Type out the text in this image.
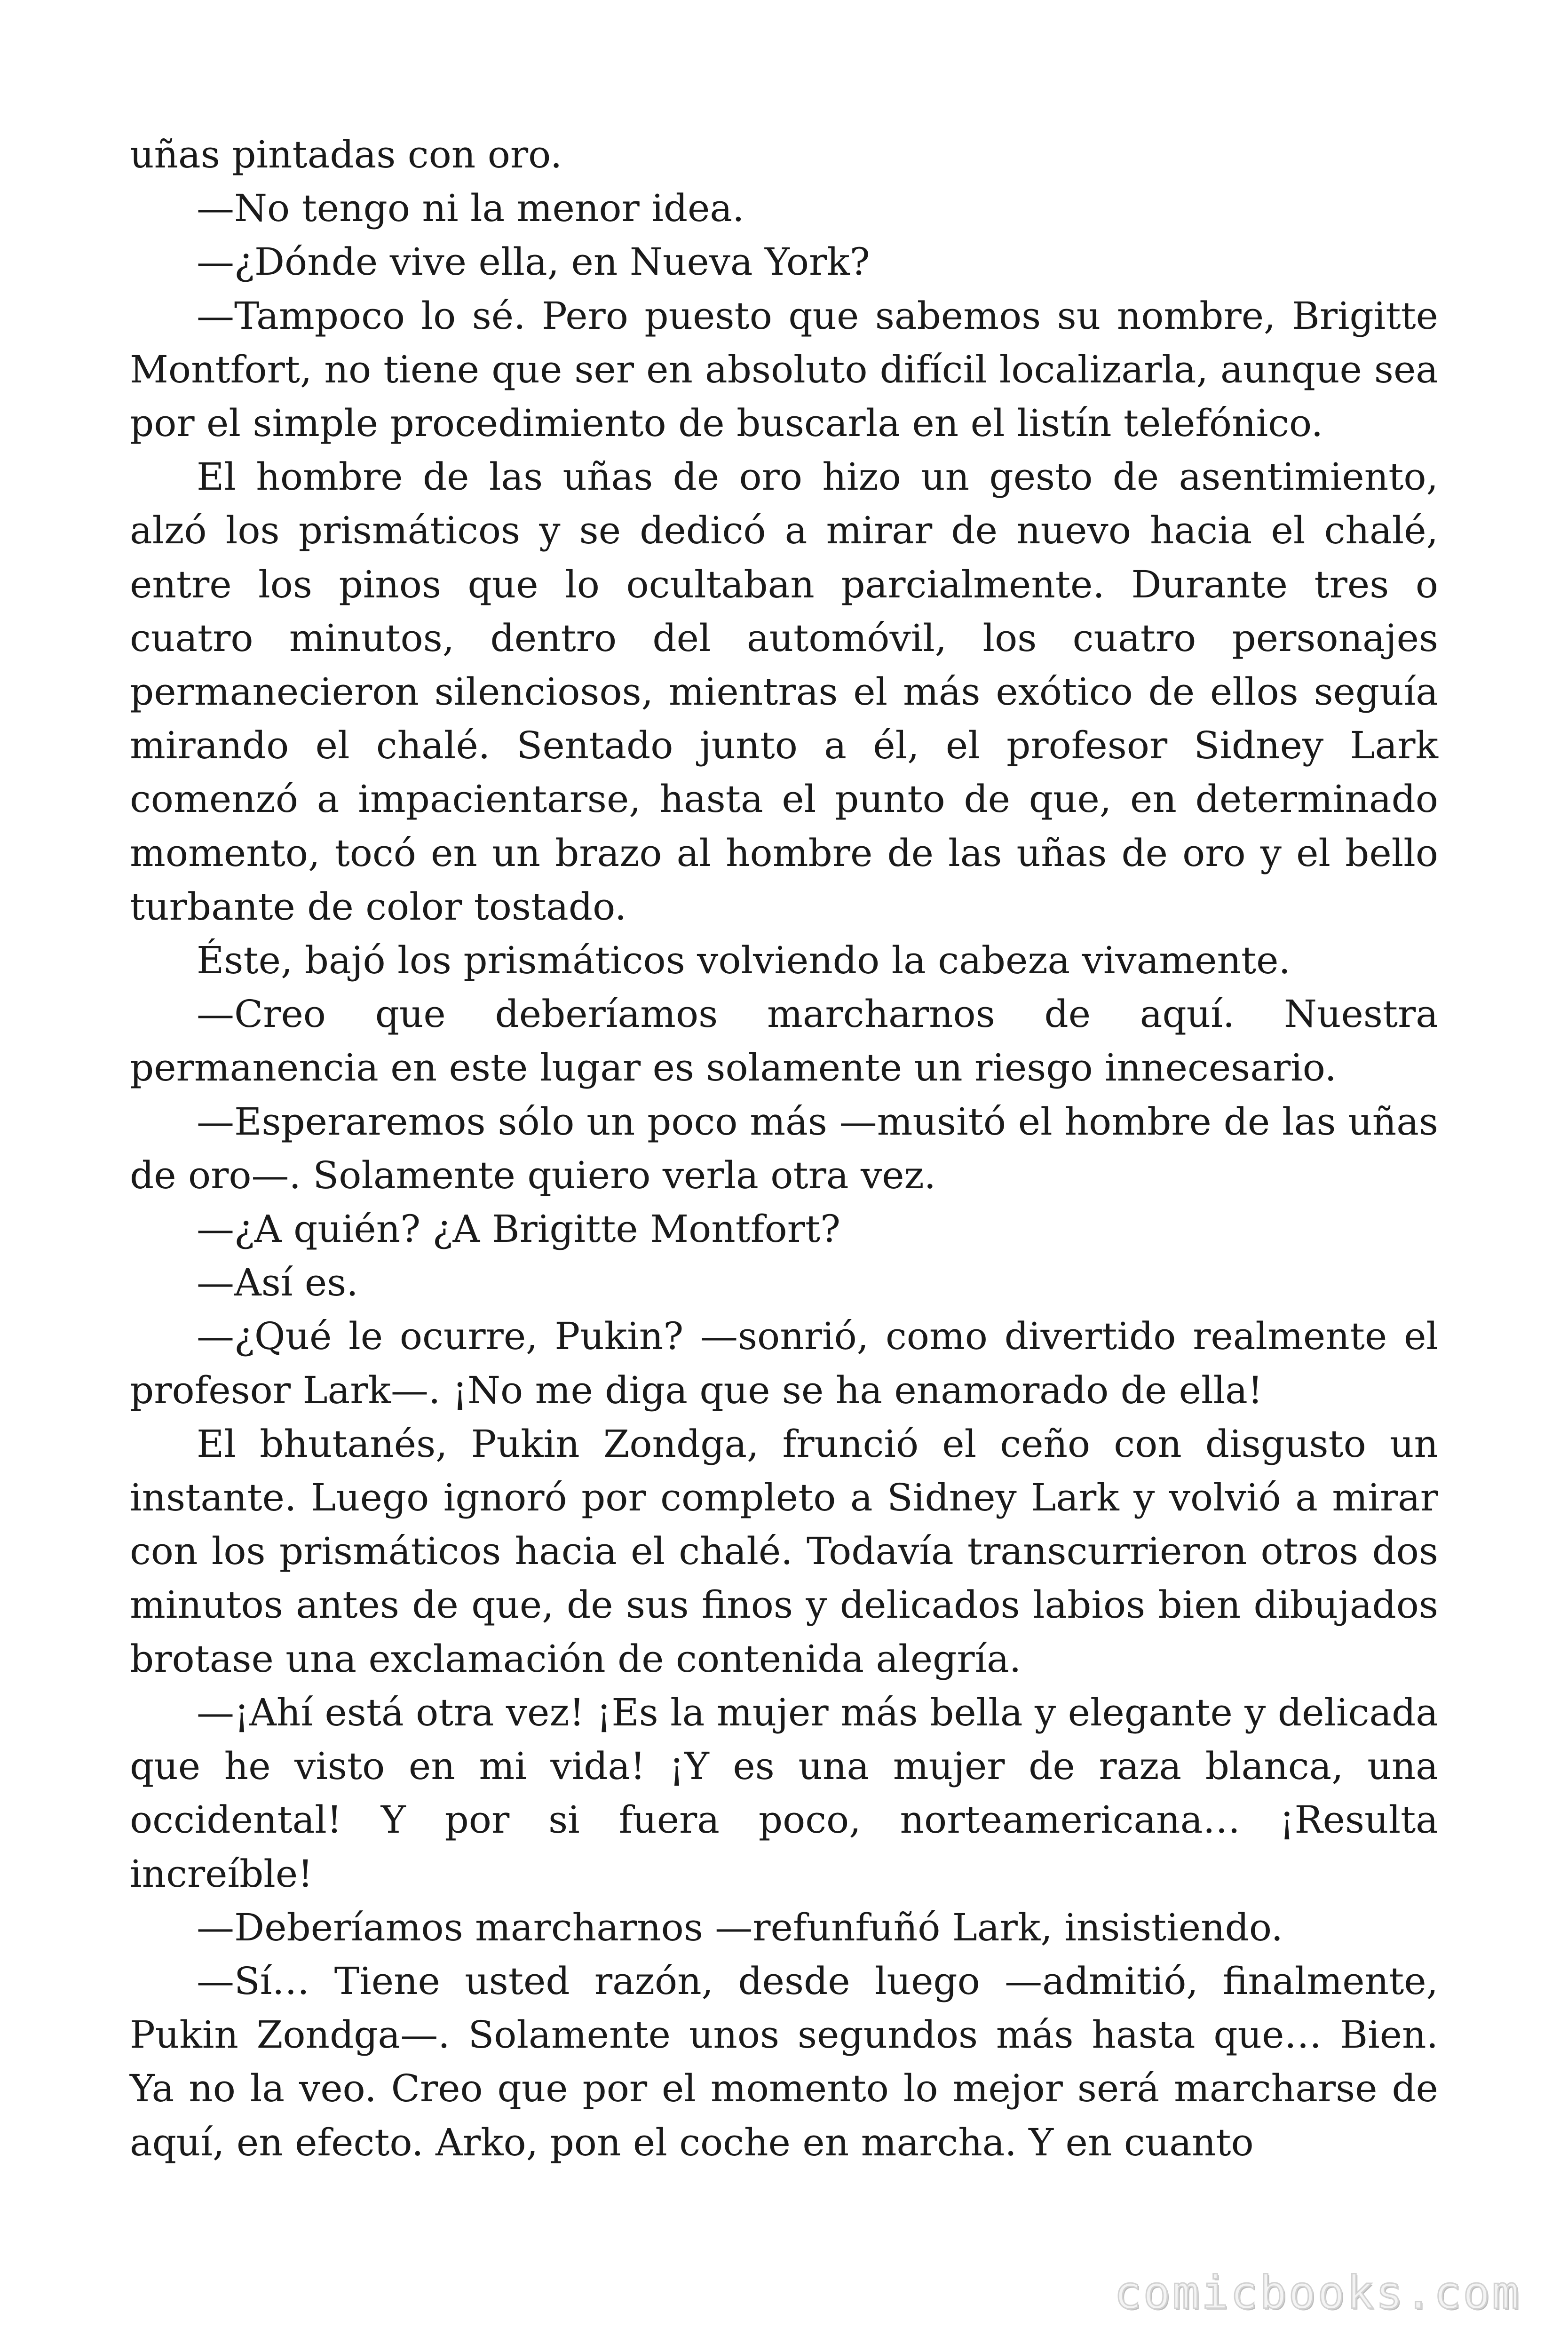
uñas pintadas con oro.

—No tengo ni la menor idea.

—¿Dónde vive ella, en Nueva York?

—Tampoco lo sé. Pero puesto que sabemos su nombre, Brigitte Montfort, no tiene que ser en absoluto difícil localizarla, aunque sea por el simple procedimiento de buscarla en el listín telefónico.

El hombre de las uñas de oro hizo un gesto de asentimiento, alzó los prismáticos y se dedicó a mirar de nuevo hacia el chalé, entre los pinos que lo ocultaban parcialmente. Durante tres o cuatro minutos, dentro del automóvil, los cuatro personajes permanecieron silenciosos, mientras el más exótico de ellos seguía mirando el chalé. Sentado junto a él, el profesor Sidney Lark comenzó a impacientarse, hasta el punto de que, en determinado momento, tocó en un brazo al hombre de las uñas de oro y el bello turbante de color tostado.

Éste, bajó los prismáticos volviendo la cabeza vivamente.

—Creo que deberíamos marcharnos de aquí. Nuestra permanencia en este lugar es solamente un riesgo innecesario.

—Esperaremos sólo un poco más —musitó el hombre de las uñas de oro—. Solamente quiero verla otra vez.

—¿A quién? ¿A Brigitte Montfort?

—Así es.

—¿Qué le ocurre, Pukin? —sonrió, como divertido realmente el profesor Lark—. ¡No me diga que se ha enamorado de ella!

El bhutanés, Pukin Zondga, frunció el ceño con disgusto un instante. Luego ignoró por completo a Sidney Lark y volvió a mirar con los prismáticos hacia el chalé. Todavía transcurrieron otros dos minutos antes de que, de sus finos y delicados labios bien dibujados brotase una exclamación de contenida alegría.

—¡Ahí está otra vez! ¡Es la mujer más bella y elegante y delicada que he visto en mi vida! ¡Y es una mujer de raza blanca, una occidental! Y por si fuera poco, norteamericana… ¡Resulta increíble!

—Deberíamos marcharnos —refunfuñó Lark, insistiendo.

—Sí… Tiene usted razón, desde luego —admitió, finalmente, Pukin Zondga—. Solamente unos segundos más hasta que… Bien. Ya no la veo. Creo que por el momento lo mejor será marcharse de aquí, en efecto. Arko, pon el coche en marcha. Y en cuanto

comicbooks.com
